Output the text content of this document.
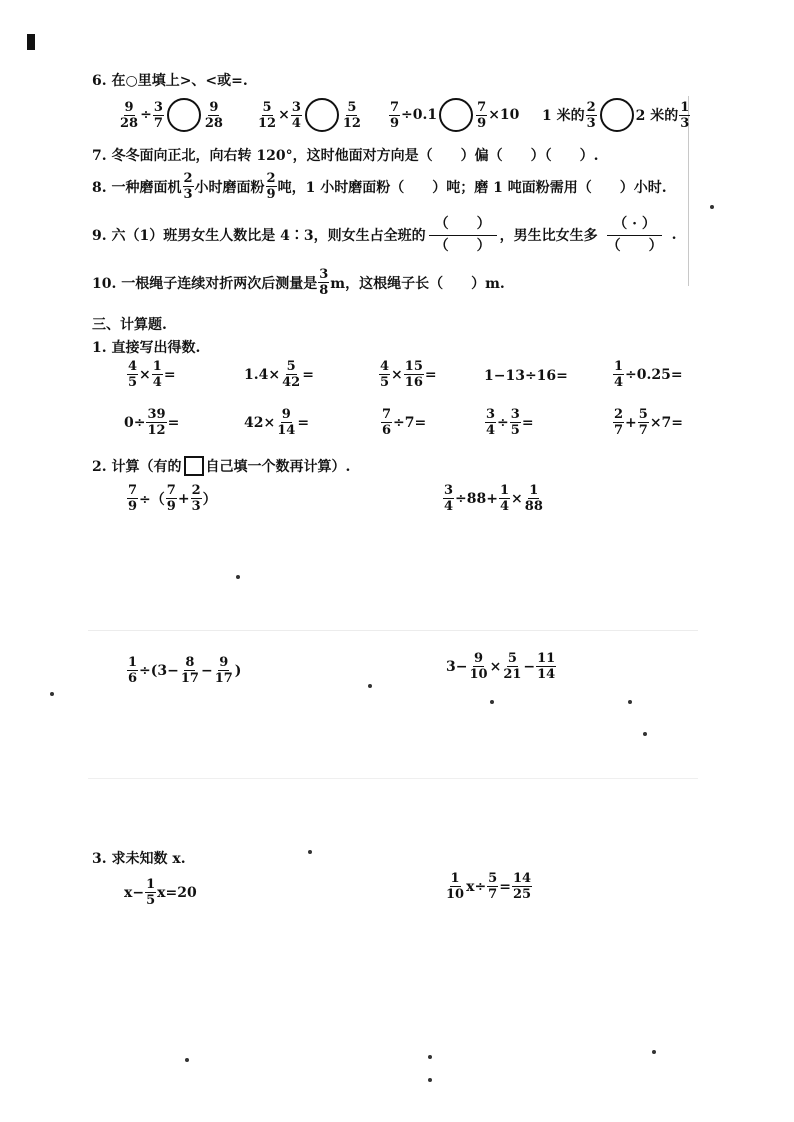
6. 在○里填上>、<或=.
$\frac{9}{28} \div \frac{3}{7}$	$\frac{9}{28}$	$\frac{5}{12} \times \frac{3}{4}$	$\frac{5}{12} \frac{7}{9} \div 0.1$	$\frac{7}{9} \times 10$ 1 米的 $\frac{2}{3}$	2 米的 $\frac{1}{3}$
7. 冬冬面向正北，向右转 120°，这时他面对方向是（　　）偏（　　）（　　）.
8. 一种磨面机 $\frac{2}{3}$ 小时磨面粉 $\frac{2}{9}$ 吨，1 小时磨面粉（　　）吨；磨 1 吨面粉需用（　　）小时.
9. 六（1）班男女生人数比是 4∶3，则女生占全班的
（　　）
（　　）
，男生比女生多
（ · ）
（　　）
.
10. 一根绳子连续对折两次后测量是 $\frac{3}{8}$ m，这根绳子长（　　）m.
三、计算题.
1. 直接写出得数.
$\frac{4}{5} \times \frac{1}{4}$ =	$1.4\times \frac{5}{42}$ =	$\frac{4}{5} \times \frac{15}{16}$ =	1−13÷16=	$\frac{1}{4} \div 0.25=$
$0\div \frac{39}{12}$ =	$42\times \frac{9}{14}$ =	$\frac{7}{6} \div 7=$	$\frac{3}{4} \div \frac{3}{5}$ =	$\frac{2}{7} + \frac{5}{7} \times 7=$
2. 计算（有的 自己填一个数再计算）.
$\frac{7}{9}$ ÷（ $\frac{7}{9} + \frac{2}{3}$ ）	$\frac{3}{4} \div 88+ \frac{1}{4} \times \frac{1}{88}$
$\frac{1}{6} \div(3- \frac{8}{17} - \frac{9}{17}$ )	$3- \frac{9}{10} \times \frac{5}{21} - \frac{11}{14}$
3. 求未知数 x.
$x- \frac{1}{5} x=20$	$\frac{1}{10} x\div \frac{5}{7} = \frac{14}{25}$
